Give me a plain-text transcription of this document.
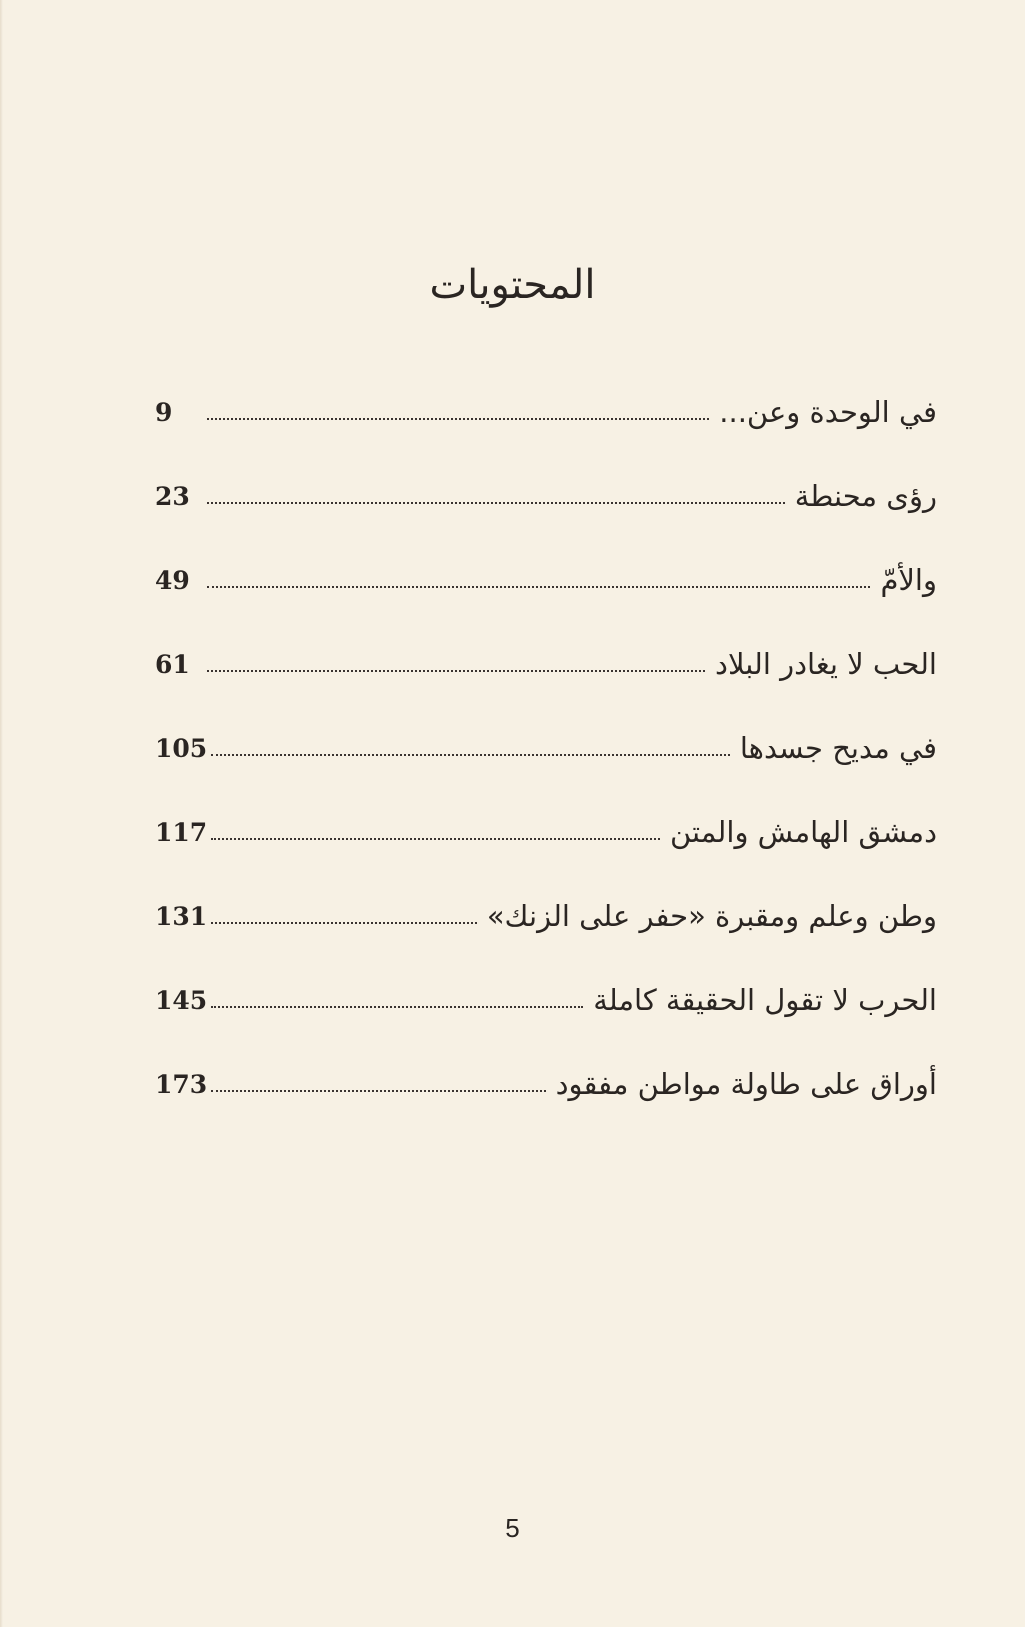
المحتويات
في الوحدة وعن...
9
رؤى محنطة
23
والأمّ
49
الحب لا يغادر البلاد
61
في مديح جسدها
105
دمشق الهامش والمتن
117
وطن وعلم ومقبرة «حفر على الزنك»
131
الحرب لا تقول الحقيقة كاملة
145
أوراق على طاولة مواطن مفقود
173
5
